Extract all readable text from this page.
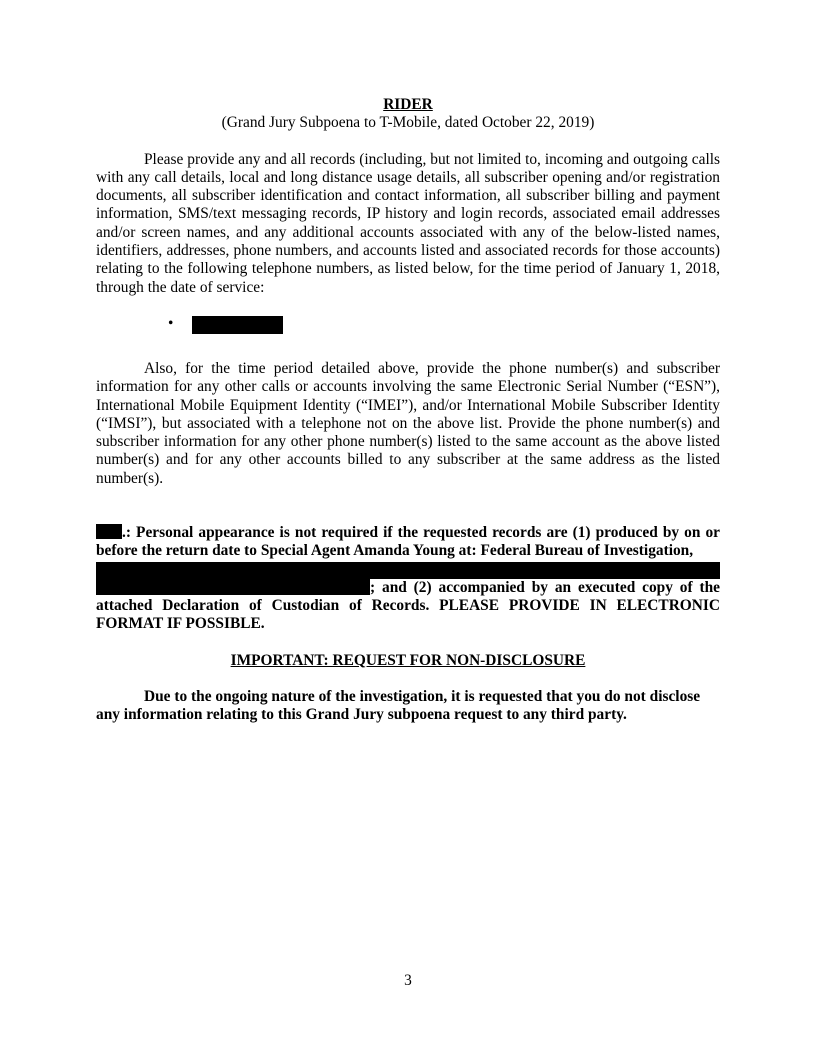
RIDER
(Grand Jury Subpoena to T-Mobile, dated October 22, 2019)

Please provide any and all records (including, but not limited to, incoming and outgoing calls with any call details, local and long distance usage details, all subscriber opening and/or registration documents, all subscriber identification and contact information, all subscriber billing and payment information, SMS/text messaging records, IP history and login records, associated email addresses and/or screen names, and any additional accounts associated with any of the below-listed names, identifiers, addresses, phone numbers, and accounts listed and associated records for those accounts) relating to the following telephone numbers, as listed below, for the time period of January 1, 2018, through the date of service:

•

Also, for the time period detailed above, provide the phone number(s) and subscriber information for any other calls or accounts involving the same Electronic Serial Number (“ESN”), International Mobile Equipment Identity (“IMEI”), and/or International Mobile Subscriber Identity (“IMSI”), but associated with a telephone not on the above list. Provide the phone number(s) and subscriber information for any other phone number(s) listed to the same account as the above listed number(s) and for any other accounts billed to any subscriber at the same address as the listed number(s).

.: Personal appearance is not required if the requested records are (1) produced by on or before the return date to Special Agent Amanda Young at: Federal Bureau of Investigation,
; and (2) accompanied by an executed copy of the attached Declaration of Custodian of Records. PLEASE PROVIDE IN ELECTRONIC FORMAT IF POSSIBLE.

IMPORTANT: REQUEST FOR NON-DISCLOSURE

Due to the ongoing nature of the investigation, it is requested that you do not disclose any information relating to this Grand Jury subpoena request to any third party.

3
